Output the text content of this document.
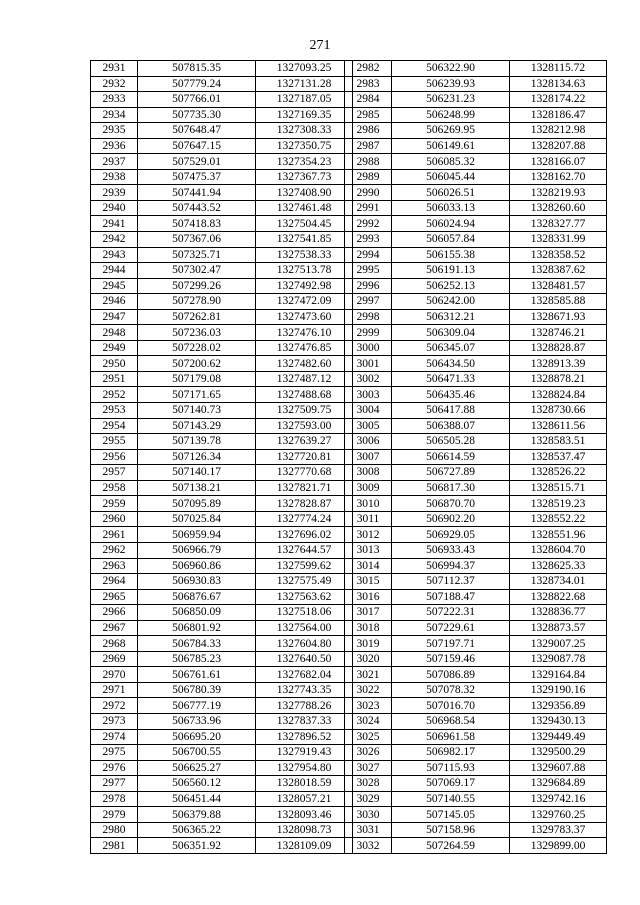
271
2931	507815.35	1327093.25
2932	507779.24	1327131.28
2933	507766.01	1327187.05
2934	507735.30	1327169.35
2935	507648.47	1327308.33
2936	507647.15	1327350.75
2937	507529.01	1327354.23
2938	507475.37	1327367.73
2939	507441.94	1327408.90
2940	507443.52	1327461.48
2941	507418.83	1327504.45
2942	507367.06	1327541.85
2943	507325.71	1327538.33
2944	507302.47	1327513.78
2945	507299.26	1327492.98
2946	507278.90	1327472.09
2947	507262.81	1327473.60
2948	507236.03	1327476.10
2949	507228.02	1327476.85
2950	507200.62	1327482.60
2951	507179.08	1327487.12
2952	507171.65	1327488.68
2953	507140.73	1327509.75
2954	507143.29	1327593.00
2955	507139.78	1327639.27
2956	507126.34	1327720.81
2957	507140.17	1327770.68
2958	507138.21	1327821.71
2959	507095.89	1327828.87
2960	507025.84	1327774.24
2961	506959.94	1327696.02
2962	506966.79	1327644.57
2963	506960.86	1327599.62
2964	506930.83	1327575.49
2965	506876.67	1327563.62
2966	506850.09	1327518.06
2967	506801.92	1327564.00
2968	506784.33	1327604.80
2969	506785.23	1327640.50
2970	506761.61	1327682.04
2971	506780.39	1327743.35
2972	506777.19	1327788.26
2973	506733.96	1327837.33
2974	506695.20	1327896.52
2975	506700.55	1327919.43
2976	506625.27	1327954.80
2977	506560.12	1328018.59
2978	506451.44	1328057.21
2979	506379.88	1328093.46
2980	506365.22	1328098.73
2981	506351.92	1328109.09
2982	506322.90	1328115.72
2983	506239.93	1328134.63
2984	506231.23	1328174.22
2985	506248.99	1328186.47
2986	506269.95	1328212.98
2987	506149.61	1328207.88
2988	506085.32	1328166.07
2989	506045.44	1328162.70
2990	506026.51	1328219.93
2991	506033.13	1328260.60
2992	506024.94	1328327.77
2993	506057.84	1328331.99
2994	506155.38	1328358.52
2995	506191.13	1328387.62
2996	506252.13	1328481.57
2997	506242.00	1328585.88
2998	506312.21	1328671.93
2999	506309.04	1328746.21
3000	506345.07	1328828.87
3001	506434.50	1328913.39
3002	506471.33	1328878.21
3003	506435.46	1328824.84
3004	506417.88	1328730.66
3005	506388.07	1328611.56
3006	506505.28	1328583.51
3007	506614.59	1328537.47
3008	506727.89	1328526.22
3009	506817.30	1328515.71
3010	506870.70	1328519.23
3011	506902.20	1328552.22
3012	506929.05	1328551.96
3013	506933.43	1328604.70
3014	506994.37	1328625.33
3015	507112.37	1328734.01
3016	507188.47	1328822.68
3017	507222.31	1328836.77
3018	507229.61	1328873.57
3019	507197.71	1329007.25
3020	507159.46	1329087.78
3021	507086.89	1329164.84
3022	507078.32	1329190.16
3023	507016.70	1329356.89
3024	506968.54	1329430.13
3025	506961.58	1329449.49
3026	506982.17	1329500.29
3027	507115.93	1329607.88
3028	507069.17	1329684.89
3029	507140.55	1329742.16
3030	507145.05	1329760.25
3031	507158.96	1329783.37
3032	507264.59	1329899.00
